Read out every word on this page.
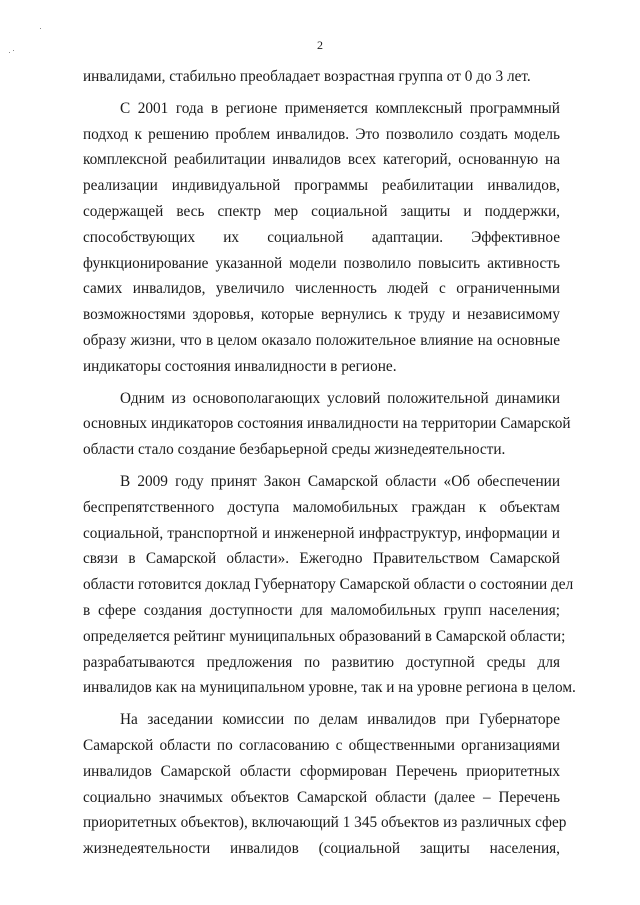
2

инвалидами, стабильно преобладает возрастная группа от 0 до 3 лет.

С 2001 года в регионе применяется комплексный программный
подход к решению проблем инвалидов. Это позволило создать модель
комплексной реабилитации инвалидов всех категорий, основанную на
реализации индивидуальной программы реабилитации инвалидов,
содержащей весь спектр мер социальной защиты и поддержки,
способствующих их социальной адаптации. Эффективное
функционирование указанной модели позволило повысить активность
самих инвалидов, увеличило численность людей с ограниченными
возможностями здоровья, которые вернулись к труду и независимому
образу жизни, что в целом оказало положительное влияние на основные
индикаторы состояния инвалидности в регионе.

Одним из основополагающих условий положительной динамики
основных индикаторов состояния инвалидности на территории Самарской
области стало создание безбарьерной среды жизнедеятельности.

В 2009 году принят Закон Самарской области «Об обеспечении
беспрепятственного доступа маломобильных граждан к объектам
социальной, транспортной и инженерной инфраструктур, информации и
связи в Самарской области». Ежегодно Правительством Самарской
области готовится доклад Губернатору Самарской области о состоянии дел
в сфере создания доступности для маломобильных групп населения;
определяется рейтинг муниципальных образований в Самарской области;
разрабатываются предложения по развитию доступной среды для
инвалидов как на муниципальном уровне, так и на уровне региона в целом.

На заседании комиссии по делам инвалидов при Губернаторе
Самарской области по согласованию с общественными организациями
инвалидов Самарской области сформирован Перечень приоритетных
социально значимых объектов Самарской области (далее – Перечень
приоритетных объектов), включающий 1 345 объектов из различных сфер
жизнедеятельности инвалидов (социальной защиты населения,
